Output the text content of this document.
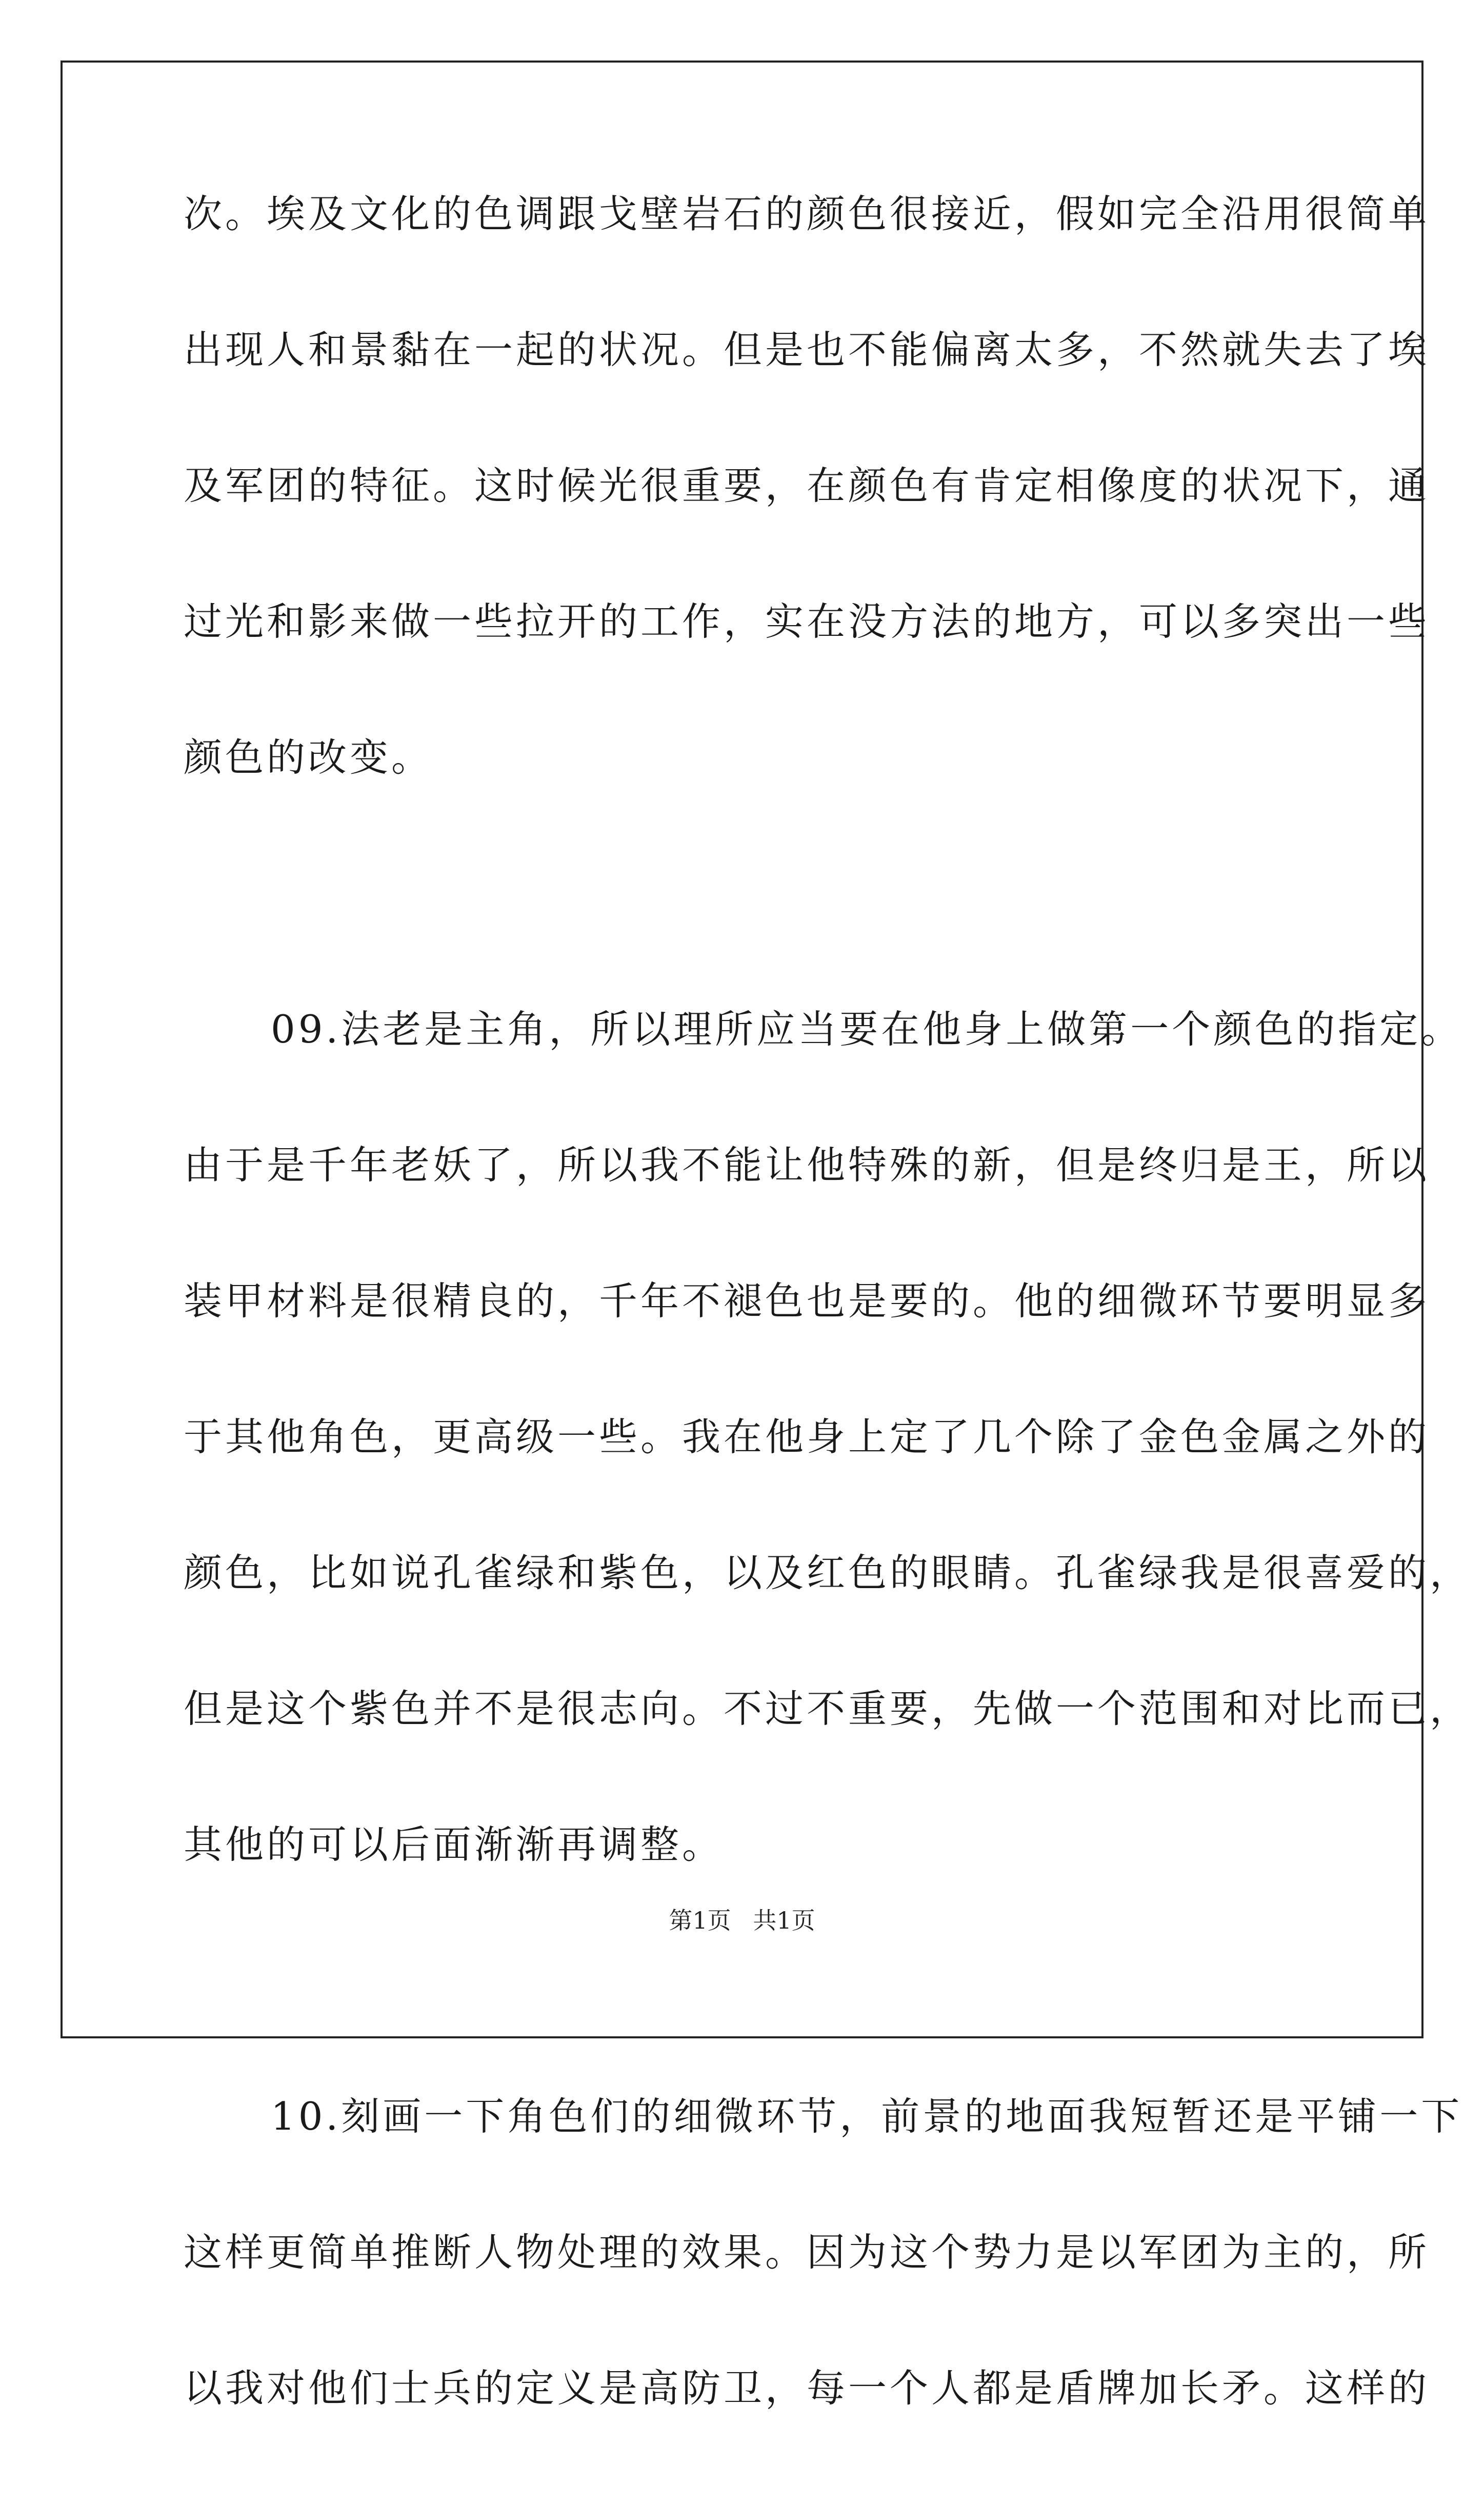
次。埃及文化的色调跟戈壁岩石的颜色很接近，假如完全沿用很简单
出现人和景黏在一起的状况。但是也不能偏离太多，不然就失去了埃
及军团的特征。这时候光很重要，在颜色有肯定相像度的状况下，通
过光和影来做一些拉开的工作，实在没方法的地方，可以多突出一些
颜色的改变。
09.法老是主角，所以理所应当要在他身上做第一个颜色的指定。
由于是千年老妖了，所以我不能让他特殊的新，但是终归是王，所以
装甲材料是很精良的，千年不褪色也是要的。他的细微环节要明显多
于其他角色，更高级一些。我在他身上定了几个除了金色金属之外的
颜色，比如说孔雀绿和紫色，以及红色的眼睛。孔雀绿我是很喜爱的，
但是这个紫色并不是很志向。不过不重要，先做一个范围和对比而已，
其他的可以后面渐渐再调整。
10.刻画一下角色们的细微环节，前景的地面我短暂还是平铺一下
这样更简单推断人物处理的效果。因为这个势力是以军团为主的，所
以我对他们士兵的定义是高防卫，每一个人都是盾牌加长矛。这样的
第1页 共1页
